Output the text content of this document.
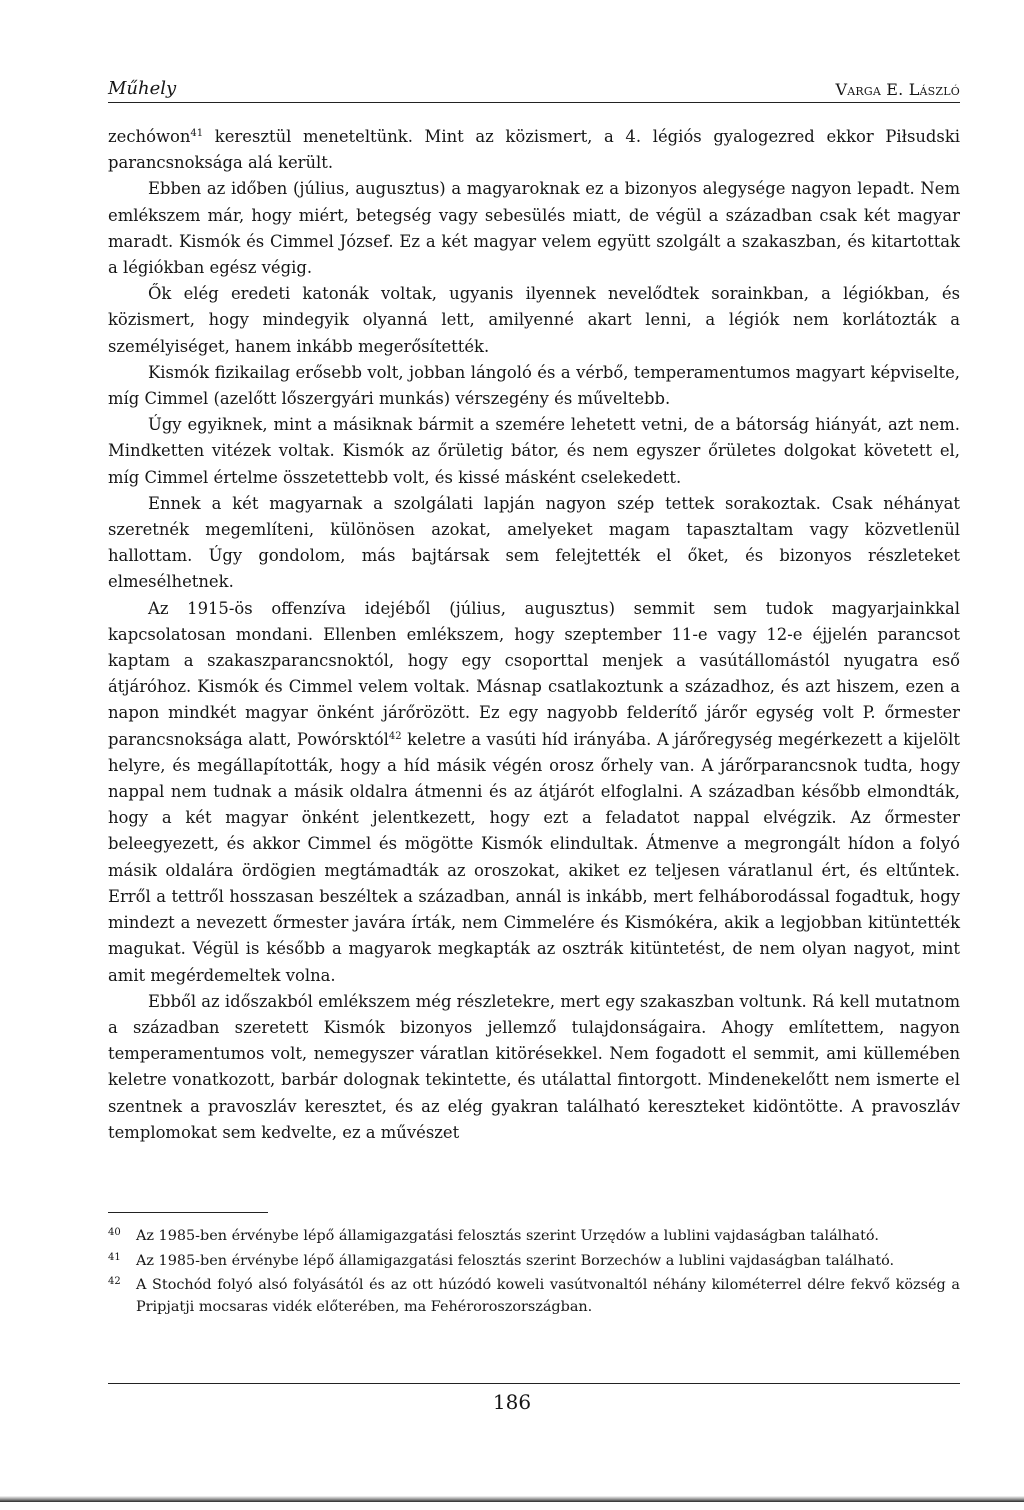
Műhely	Varga E. László

zechówon$^{41}$ keresztül meneteltünk. Mint az közismert, a 4. légiós gyalogezred ekkor Piłsudski parancsnoksága alá került.

Ebben az időben (július, augusztus) a magyaroknak ez a bizonyos alegysége nagyon lepadt. Nem emlékszem már, hogy miért, betegség vagy sebesülés miatt, de végül a században csak két magyar maradt. Kismók és Cimmel József. Ez a két magyar velem együtt szolgált a szakaszban, és kitartottak a légiókban egész végig.

Ők elég eredeti katonák voltak, ugyanis ilyennek nevelődtek sorainkban, a légiókban, és közismert, hogy mindegyik olyanná lett, amilyenné akart lenni, a légiók nem korlátozták a személyiséget, hanem inkább megerősítették.

Kismók fizikailag erősebb volt, jobban lángoló és a vérbő, temperamentumos magyart képviselte, míg Cimmel (azelőtt lőszergyári munkás) vérszegény és műveltebb.

Úgy egyiknek, mint a másiknak bármit a szemére lehetett vetni, de a bátorság hiányát, azt nem. Mindketten vitézek voltak. Kismók az őrületig bátor, és nem egyszer őrületes dolgokat követett el, míg Cimmel értelme összetettebb volt, és kissé másként cselekedett.

Ennek a két magyarnak a szolgálati lapján nagyon szép tettek sorakoztak. Csak néhányat szeretnék megemlíteni, különösen azokat, amelyeket magam tapasztaltam vagy közvetlenül hallottam. Úgy gondolom, más bajtársak sem felejtették el őket, és bizonyos részleteket elmesélhetnek.

Az 1915-ös offenzíva idejéből (július, augusztus) semmit sem tudok magyarjainkkal kapcsolatosan mondani. Ellenben emlékszem, hogy szeptember 11-e vagy 12-e éjjelén parancsot kaptam a szakaszparancsnoktól, hogy egy csoporttal menjek a vasútállomástól nyugatra eső átjáróhoz. Kismók és Cimmel velem voltak. Másnap csatlakoztunk a századhoz, és azt hiszem, ezen a napon mindkét magyar önként járőrözött. Ez egy nagyobb felderítő járőr egység volt P. őrmester parancsnoksága alatt, Powórsktól$^{42}$ keletre a vasúti híd irányába. A járőregység megérkezett a kijelölt helyre, és megállapították, hogy a híd másik végén orosz őrhely van. A járőrparancsnok tudta, hogy nappal nem tudnak a másik oldalra átmenni és az átjárót elfoglalni. A században később elmondták, hogy a két magyar önként jelentkezett, hogy ezt a feladatot nappal elvégzik. Az őrmester beleegyezett, és akkor Cimmel és mögötte Kismók elindultak. Átmenve a megrongált hídon a folyó másik oldalára ördögien megtámadták az oroszokat, akiket ez teljesen váratlanul ért, és eltűntek. Erről a tettről hosszasan beszéltek a században, annál is inkább, mert felháborodással fogadtuk, hogy mindezt a nevezett őrmester javára írták, nem Cimmelére és Kismókéra, akik a legjobban kitüntették magukat. Végül is később a magyarok megkapták az osztrák kitüntetést, de nem olyan nagyot, mint amit megérdemeltek volna.

Ebből az időszakból emlékszem még részletekre, mert egy szakaszban voltunk. Rá kell mutatnom a században szeretett Kismók bizonyos jellemző tulajdonságaira. Ahogy említettem, nagyon temperamentumos volt, nemegyszer váratlan kitörésekkel. Nem fogadott el semmit, ami küllemében keletre vonatkozott, barbár dolognak tekintette, és utálattal fintorgott. Mindenekelőtt nem ismerte el szentnek a pravoszláv keresztet, és az elég gyakran található kereszteket kidöntötte. A pravoszláv templomokat sem kedvelte, ez a művészet

40 Az 1985-ben érvénybe lépő államigazgatási felosztás szerint Urzędów a lublini vajdaságban található.
41 Az 1985-ben érvénybe lépő államigazgatási felosztás szerint Borzechów a lublini vajdaságban található.
42 A Stochód folyó alsó folyásától és az ott húzódó koweli vasútvonaltól néhány kilométerrel délre fekvő község a Pripjatji mocsaras vidék előterében, ma Fehéroroszországban.
186
